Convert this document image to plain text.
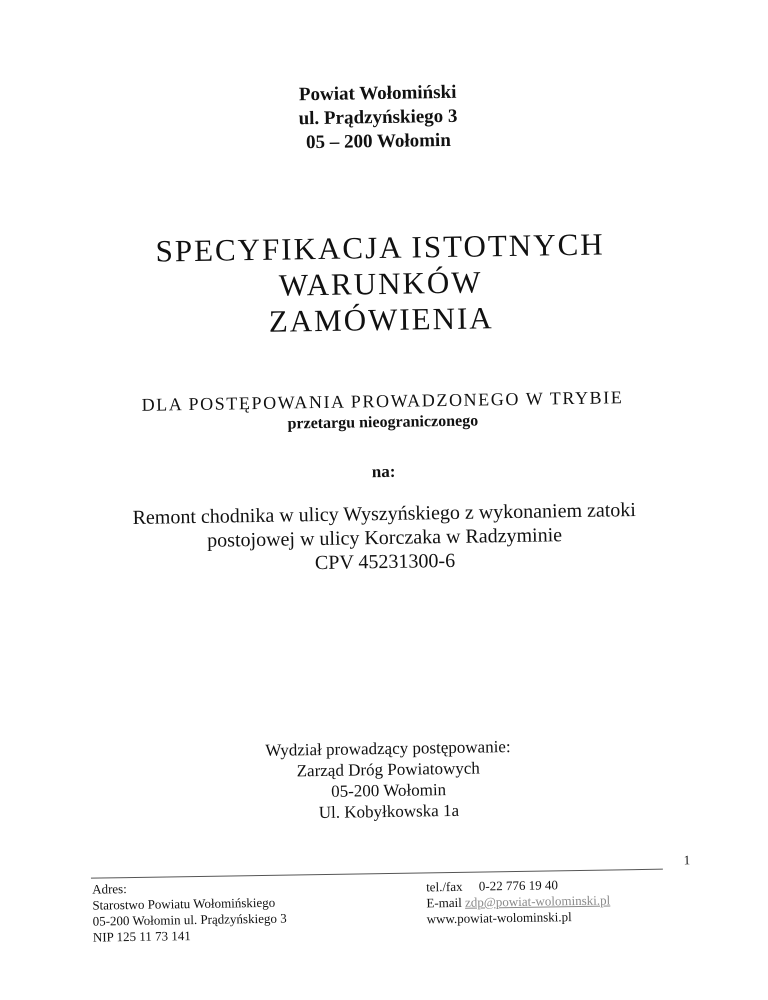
Powiat Wołomiński
ul. Prądzyńskiego 3
05 – 200 Wołomin
SPECYFIKACJA ISTOTNYCH
WARUNKÓW
ZAMÓWIENIA
DLA POSTĘPOWANIA PROWADZONEGO W TRYBIE
przetargu nieograniczonego
na:
Remont chodnika w ulicy Wyszyńskiego z wykonaniem zatoki
postojowej w ulicy Korczaka w Radzyminie
CPV 45231300-6
Wydział prowadzący postępowanie:
Zarząd Dróg Powiatowych
05-200 Wołomin
Ul. Kobyłkowska 1a
1
Adres:
Starostwo Powiatu Wołomińskiego
05-200 Wołomin ul. Prądzyńskiego 3
NIP 125 11 73 141
tel./fax 0-22 776 19 40
E-mail zdp@powiat-wolominski.pl
www.powiat-wolominski.pl
